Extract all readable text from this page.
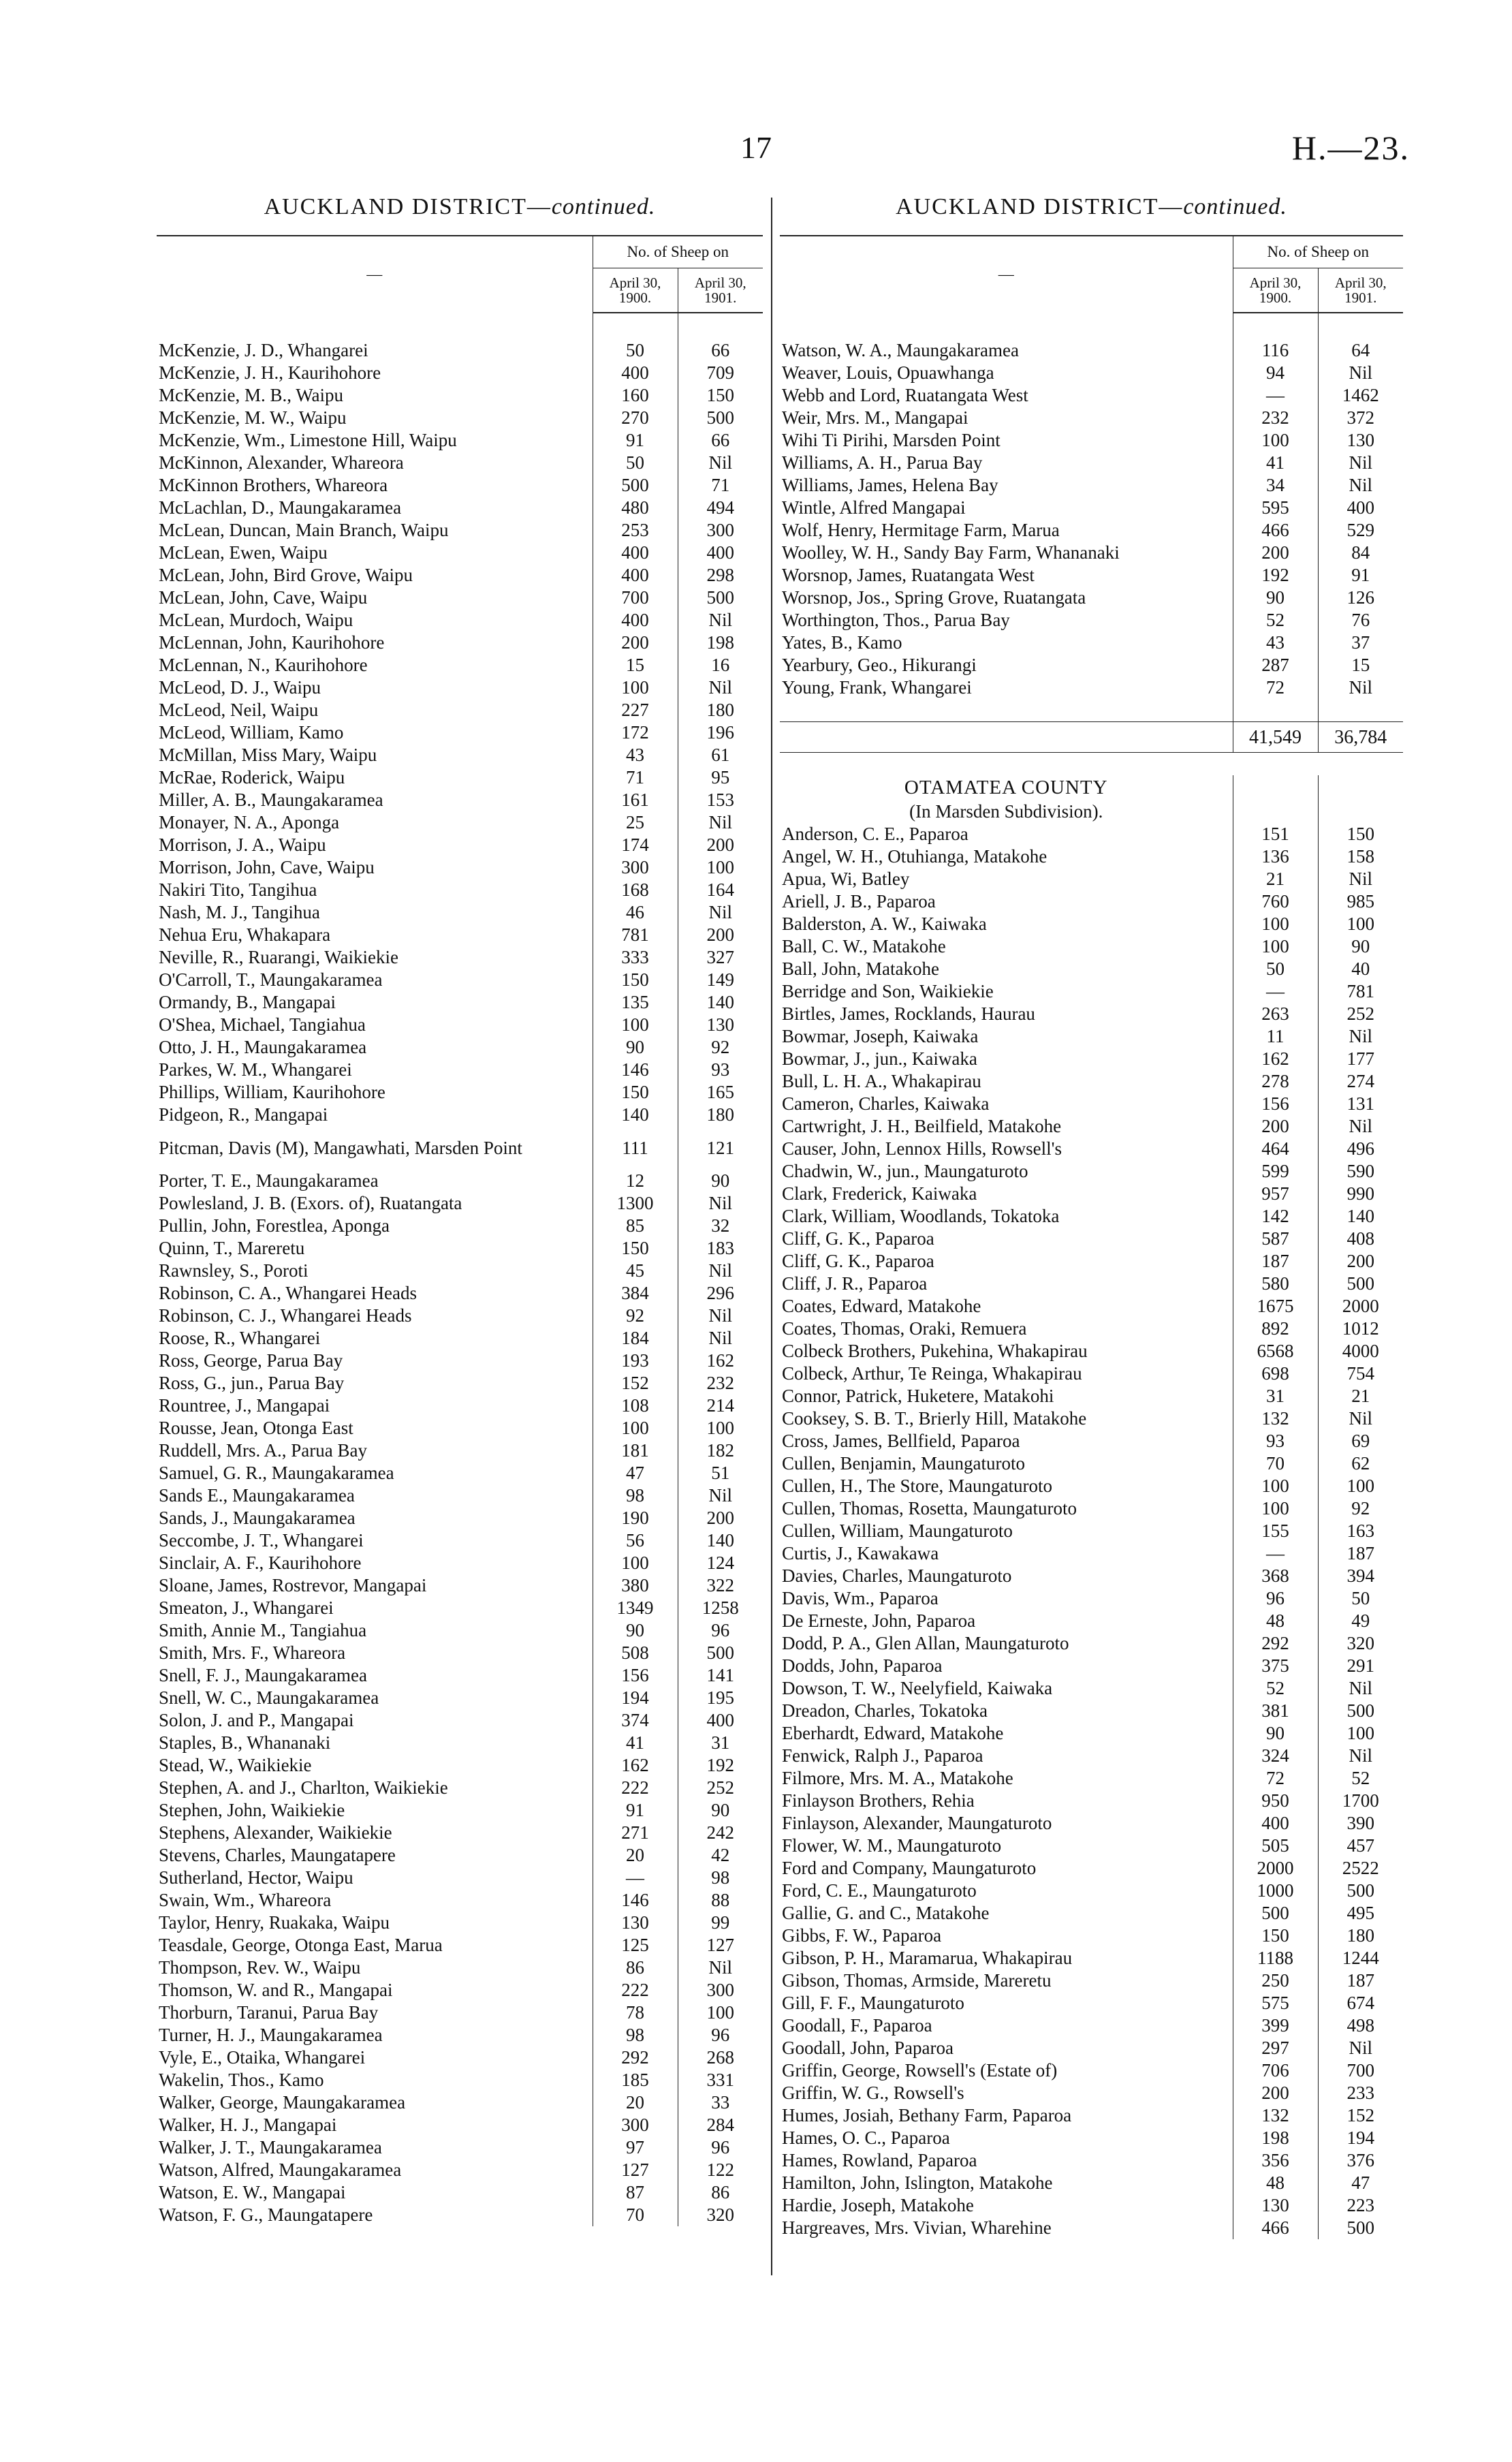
17	H.—23.
AUCKLAND DISTRICT—continued.
—	No. of Sheep on	
	April 30, 1900.	April 30, 1901.
McKenzie, J. D., Whangarei	50	66
McKenzie, J. H., Kaurihohore	400	709
McKenzie, M. B., Waipu	160	150
McKenzie, M. W., Waipu	270	500
McKenzie, Wm., Limestone Hill, Waipu	91	66
McKinnon, Alexander, Whareora	50	Nil
McKinnon Brothers, Whareora	500	71
McLachlan, D., Maungakaramea	480	494
McLean, Duncan, Main Branch, Waipu	253	300
McLean, Ewen, Waipu	400	400
McLean, John, Bird Grove, Waipu	400	298
McLean, John, Cave, Waipu	700	500
McLean, Murdoch, Waipu	400	Nil
McLennan, John, Kaurihohore	200	198
McLennan, N., Kaurihohore	15	16
McLeod, D. J., Waipu	100	Nil
McLeod, Neil, Waipu	227	180
McLeod, William, Kamo	172	196
McMillan, Miss Mary, Waipu	43	61
McRae, Roderick, Waipu	71	95
Miller, A. B., Maungakaramea	161	153
Monayer, N. A., Aponga	25	Nil
Morrison, J. A., Waipu	174	200
Morrison, John, Cave, Waipu	300	100
Nakiri Tito, Tangihua	168	164
Nash, M. J., Tangihua	46	Nil
Nehua Eru, Whakapara	781	200
Neville, R., Ruarangi, Waikiekie	333	327
O'Carroll, T., Maungakaramea	150	149
Ormandy, B., Mangapai	135	140
O'Shea, Michael, Tangiahua	100	130
Otto, J. H., Maungakaramea	90	92
Parkes, W. M., Whangarei	146	93
Phillips, William, Kaurihohore	150	165
Pidgeon, R., Mangapai	140	180
Pitcman, Davis (M), Mangawhati, Marsden Point	111	121
Porter, T. E., Maungakaramea	12	90
Powlesland, J. B. (Exors. of), Ruatangata	1300	Nil
Pullin, John, Forestlea, Aponga	85	32
Quinn, T., Mareretu	150	183
Rawnsley, S., Poroti	45	Nil
Robinson, C. A., Whangarei Heads	384	296
Robinson, C. J., Whangarei Heads	92	Nil
Roose, R., Whangarei	184	Nil
Ross, George, Parua Bay	193	162
Ross, G., jun., Parua Bay	152	232
Rountree, J., Mangapai	108	214
Rousse, Jean, Otonga East	100	100
Ruddell, Mrs. A., Parua Bay	181	182
Samuel, G. R., Maungakaramea	47	51
Sands E., Maungakaramea	98	Nil
Sands, J., Maungakaramea	190	200
Seccombe, J. T., Whangarei	56	140
Sinclair, A. F., Kaurihohore	100	124
Sloane, James, Rostrevor, Mangapai	380	322
Smeaton, J., Whangarei	1349	1258
Smith, Annie M., Tangiahua	90	96
Smith, Mrs. F., Whareora	508	500
Snell, F. J., Maungakaramea	156	141
Snell, W. C., Maungakaramea	194	195
Solon, J. and P., Mangapai	374	400
Staples, B., Whananaki	41	31
Stead, W., Waikiekie	162	192
Stephen, A. and J., Charlton, Waikiekie	222	252
Stephen, John, Waikiekie	91	90
Stephens, Alexander, Waikiekie	271	242
Stevens, Charles, Maungatapere	20	42
Sutherland, Hector, Waipu	—	98
Swain, Wm., Whareora	146	88
Taylor, Henry, Ruakaka, Waipu	130	99
Teasdale, George, Otonga East, Marua	125	127
Thompson, Rev. W., Waipu	86	Nil
Thomson, W. and R., Mangapai	222	300
Thorburn, Taranui, Parua Bay	78	100
Turner, H. J., Maungakaramea	98	96
Vyle, E., Otaika, Whangarei	292	268
Wakelin, Thos., Kamo	185	331
Walker, George, Maungakaramea	20	33
Walker, H. J., Mangapai	300	284
Walker, J. T., Maungakaramea	97	96
Watson, Alfred, Maungakaramea	127	122
Watson, E. W., Mangapai	87	86
Watson, F. G., Maungatapere	70	320
AUCKLAND DISTRICT—continued.
—	No. of Sheep on	
	April 30, 1900.	April 30, 1901.
Watson, W. A., Maungakaramea	116	64
Weaver, Louis, Opuawhanga	94	Nil
Webb and Lord, Ruatangata West	—	1462
Weir, Mrs. M., Mangapai	232	372
Wihi Ti Pirihi, Marsden Point	100	130
Williams, A. H., Parua Bay	41	Nil
Williams, James, Helena Bay	34	Nil
Wintle, Alfred Mangapai	595	400
Wolf, Henry, Hermitage Farm, Marua	466	529
Woolley, W. H., Sandy Bay Farm, Whananaki	200	84
Worsnop, James, Ruatangata West	192	91
Worsnop, Jos., Spring Grove, Ruatangata	90	126
Worthington, Thos., Parua Bay	52	76
Yates, B., Kamo	43	37
Yearbury, Geo., Hikurangi	287	15
Young, Frank, Whangarei	72	Nil

	41,549	36,784

OTAMATEA COUNTY		
(In Marsden Subdivision).		
Anderson, C. E., Paparoa	151	150
Angel, W. H., Otuhianga, Matakohe	136	158
Apua, Wi, Batley	21	Nil
Ariell, J. B., Paparoa	760	985
Balderston, A. W., Kaiwaka	100	100
Ball, C. W., Matakohe	100	90
Ball, John, Matakohe	50	40
Berridge and Son, Waikiekie	—	781
Birtles, James, Rocklands, Haurau	263	252
Bowmar, Joseph, Kaiwaka	11	Nil
Bowmar, J., jun., Kaiwaka	162	177
Bull, L. H. A., Whakapirau	278	274
Cameron, Charles, Kaiwaka	156	131
Cartwright, J. H., Beilfield, Matakohe	200	Nil
Causer, John, Lennox Hills, Rowsell's	464	496
Chadwin, W., jun., Maungaturoto	599	590
Clark, Frederick, Kaiwaka	957	990
Clark, William, Woodlands, Tokatoka	142	140
Cliff, G. K., Paparoa	587	408
Cliff, G. K., Paparoa	187	200
Cliff, J. R., Paparoa	580	500
Coates, Edward, Matakohe	1675	2000
Coates, Thomas, Oraki, Remuera	892	1012
Colbeck Brothers, Pukehina, Whakapirau	6568	4000
Colbeck, Arthur, Te Reinga, Whakapirau	698	754
Connor, Patrick, Huketere, Matakohi	31	21
Cooksey, S. B. T., Brierly Hill, Matakohe	132	Nil
Cross, James, Bellfield, Paparoa	93	69
Cullen, Benjamin, Maungaturoto	70	62
Cullen, H., The Store, Maungaturoto	100	100
Cullen, Thomas, Rosetta, Maungaturoto	100	92
Cullen, William, Maungaturoto	155	163
Curtis, J., Kawakawa	—	187
Davies, Charles, Maungaturoto	368	394
Davis, Wm., Paparoa	96	50
De Erneste, John, Paparoa	48	49
Dodd, P. A., Glen Allan, Maungaturoto	292	320
Dodds, John, Paparoa	375	291
Dowson, T. W., Neelyfield, Kaiwaka	52	Nil
Dreadon, Charles, Tokatoka	381	500
Eberhardt, Edward, Matakohe	90	100
Fenwick, Ralph J., Paparoa	324	Nil
Filmore, Mrs. M. A., Matakohe	72	52
Finlayson Brothers, Rehia	950	1700
Finlayson, Alexander, Maungaturoto	400	390
Flower, W. M., Maungaturoto	505	457
Ford and Company, Maungaturoto	2000	2522
Ford, C. E., Maungaturoto	1000	500
Gallie, G. and C., Matakohe	500	495
Gibbs, F. W., Paparoa	150	180
Gibson, P. H., Maramarua, Whakapirau	1188	1244
Gibson, Thomas, Armside, Mareretu	250	187
Gill, F. F., Maungaturoto	575	674
Goodall, F., Paparoa	399	498
Goodall, John, Paparoa	297	Nil
Griffin, George, Rowsell's (Estate of)	706	700
Griffin, W. G., Rowsell's	200	233
Humes, Josiah, Bethany Farm, Paparoa	132	152
Hames, O. C., Paparoa	198	194
Hames, Rowland, Paparoa	356	376
Hamilton, John, Islington, Matakohe	48	47
Hardie, Joseph, Matakohe	130	223
Hargreaves, Mrs. Vivian, Wharehine	466	500
